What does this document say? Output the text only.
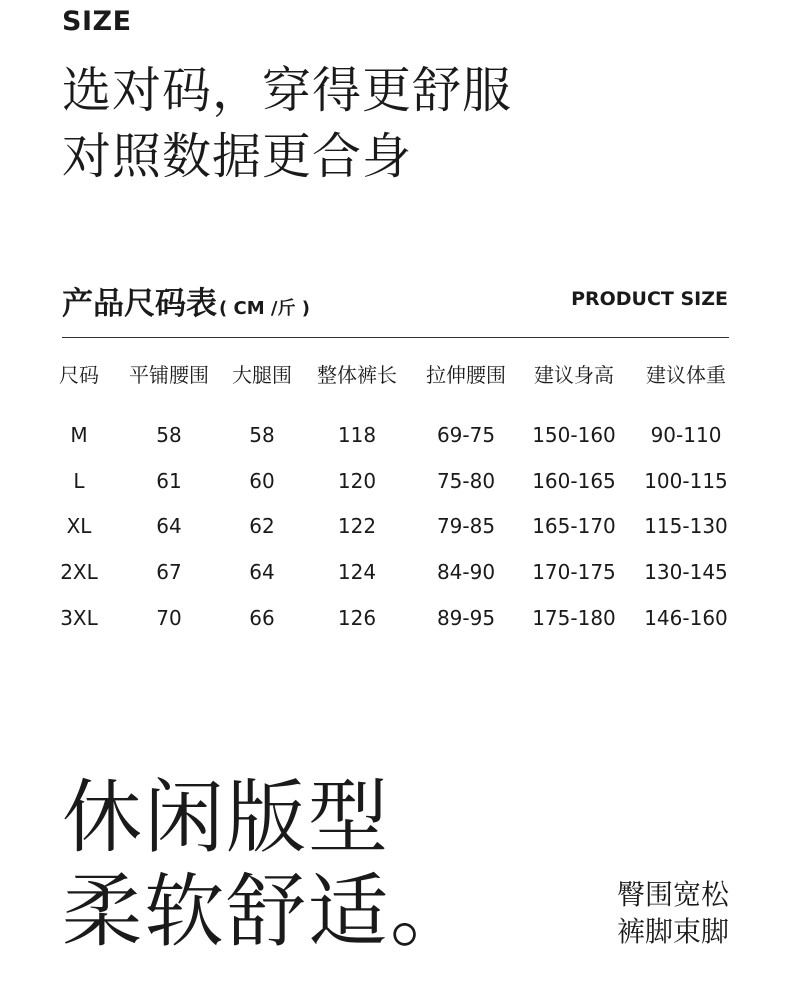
SIZE
选对码，穿得更舒服
对照数据更合身
产品尺码表 ( CM /斤 )	PRODUCT SIZE
尺码	平铺腰围	大腿围	整体裤长	拉伸腰围	建议身高	建议体重
M	58	58	118	69-75	150-160	90-110
L	61	60	120	75-80	160-165	100-115
XL	64	62	122	79-85	165-170	115-130
2XL	67	64	124	84-90	170-175	130-145
3XL	70	66	126	89-95	175-180	146-160
休闲版型
柔软舒适。	臀围宽松
裤脚束脚
